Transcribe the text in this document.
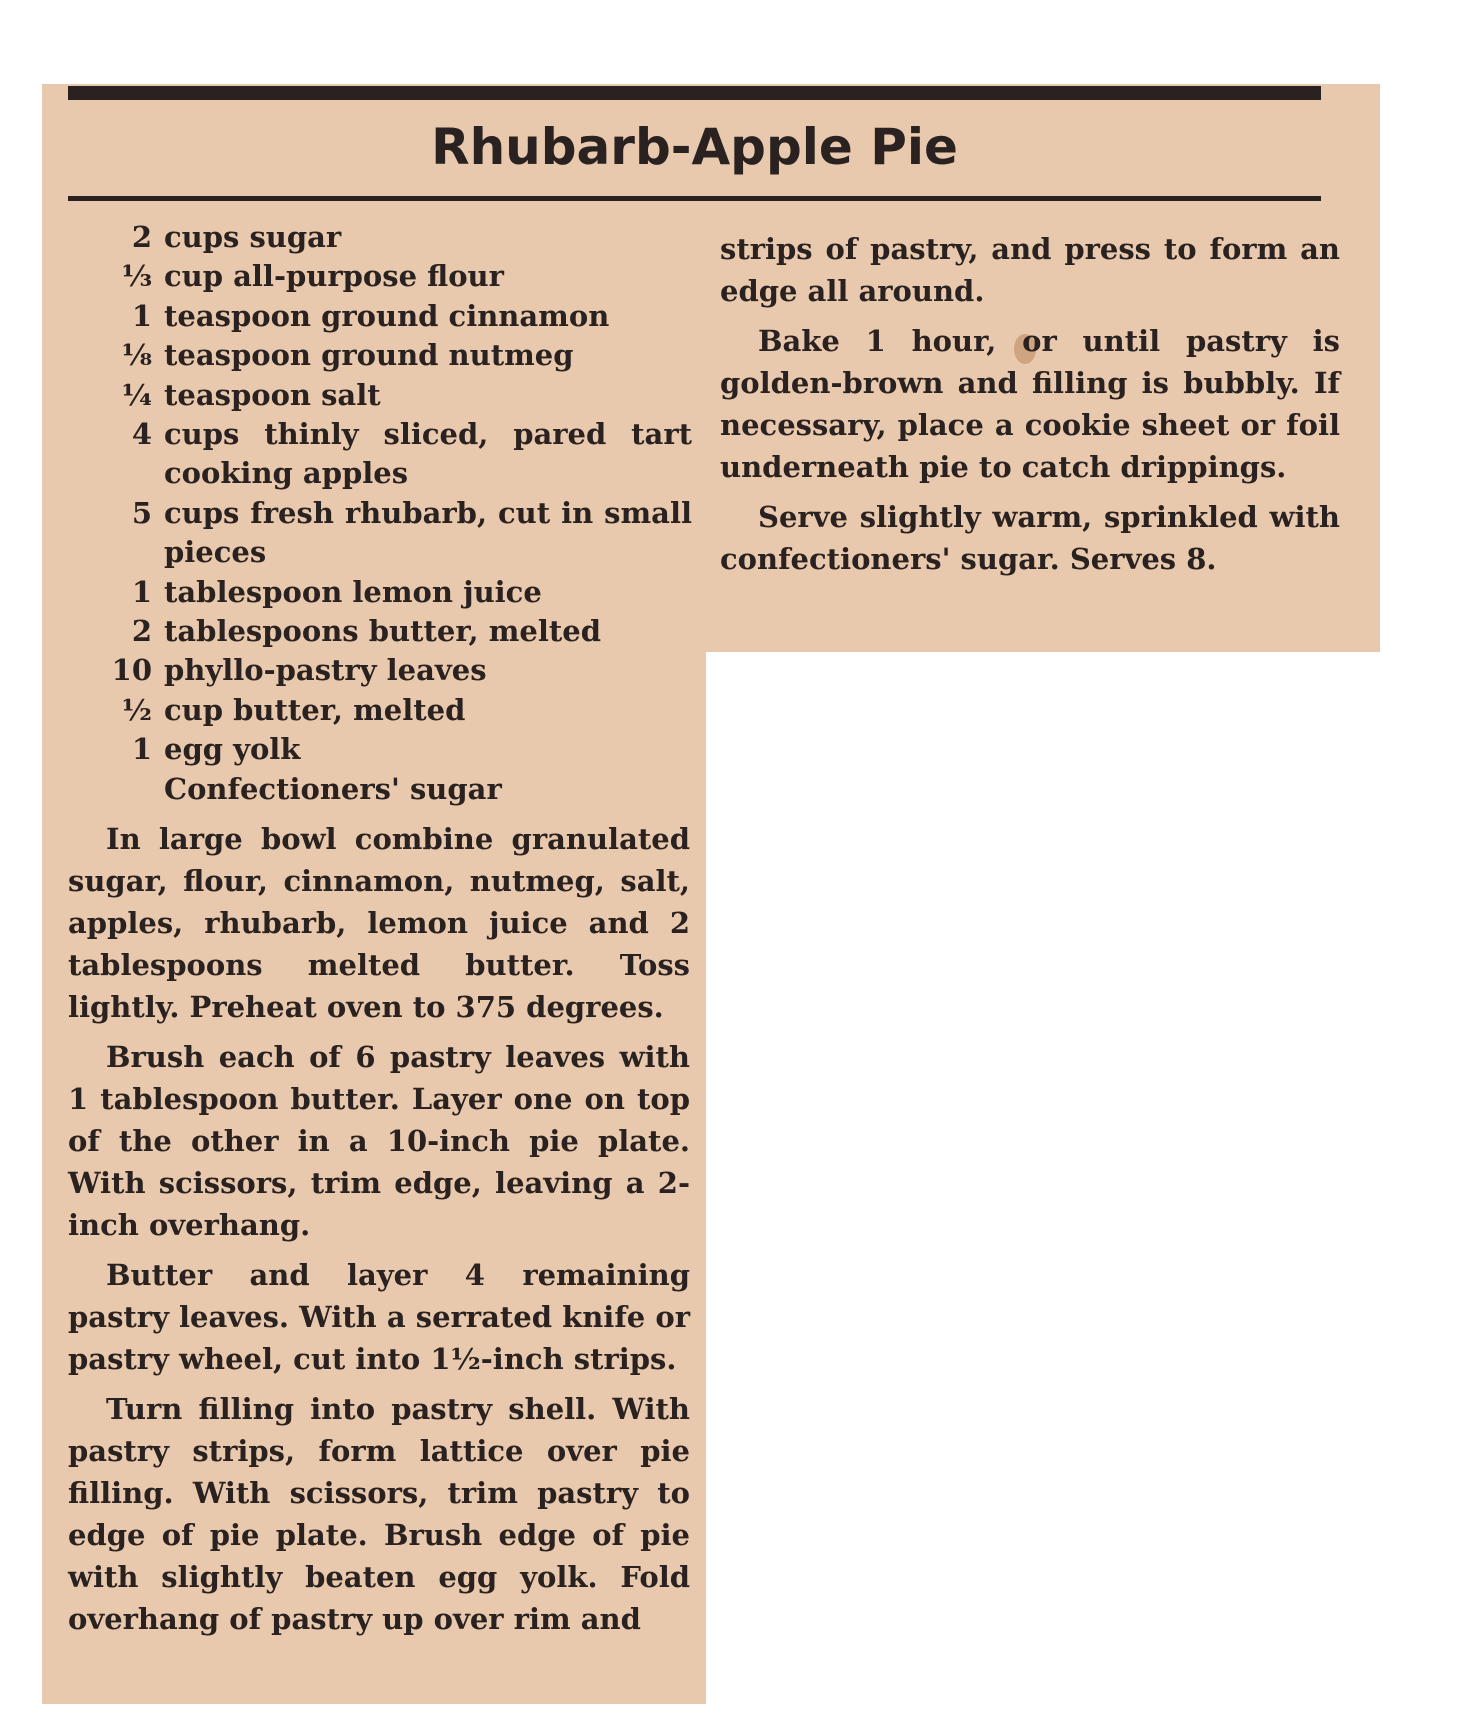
Rhubarb-Apple Pie
2 cups sugar
⅓ cup all-purpose flour
1 teaspoon ground cinnamon
⅛ teaspoon ground nutmeg
¼ teaspoon salt
4 cups thinly sliced, pared tart cooking apples
5 cups fresh rhubarb, cut in small pieces
1 tablespoon lemon juice
2 tablespoons butter, melted
10 phyllo-pastry leaves
½ cup butter, melted
1 egg yolk
Confectioners' sugar

In large bowl combine granulated sugar, flour, cinnamon, nutmeg, salt, apples, rhubarb, lemon juice and 2 tablespoons melted butter. Toss lightly. Preheat oven to 375 degrees.

Brush each of 6 pastry leaves with 1 tablespoon butter. Layer one on top of the other in a 10-inch pie plate. With scissors, trim edge, leaving a 2-inch overhang.

Butter and layer 4 remaining pastry leaves. With a serrated knife or pastry wheel, cut into 1½-inch strips.

Turn filling into pastry shell. With pastry strips, form lattice over pie filling. With scissors, trim pastry to edge of pie plate. Brush edge of pie with slightly beaten egg yolk. Fold overhang of pastry up over rim and

strips of pastry, and press to form an edge all around.

Bake 1 hour, or until pastry is golden-brown and filling is bubbly. If necessary, place a cookie sheet or foil underneath pie to catch drippings.

Serve slightly warm, sprinkled with confectioners' sugar. Serves 8.
